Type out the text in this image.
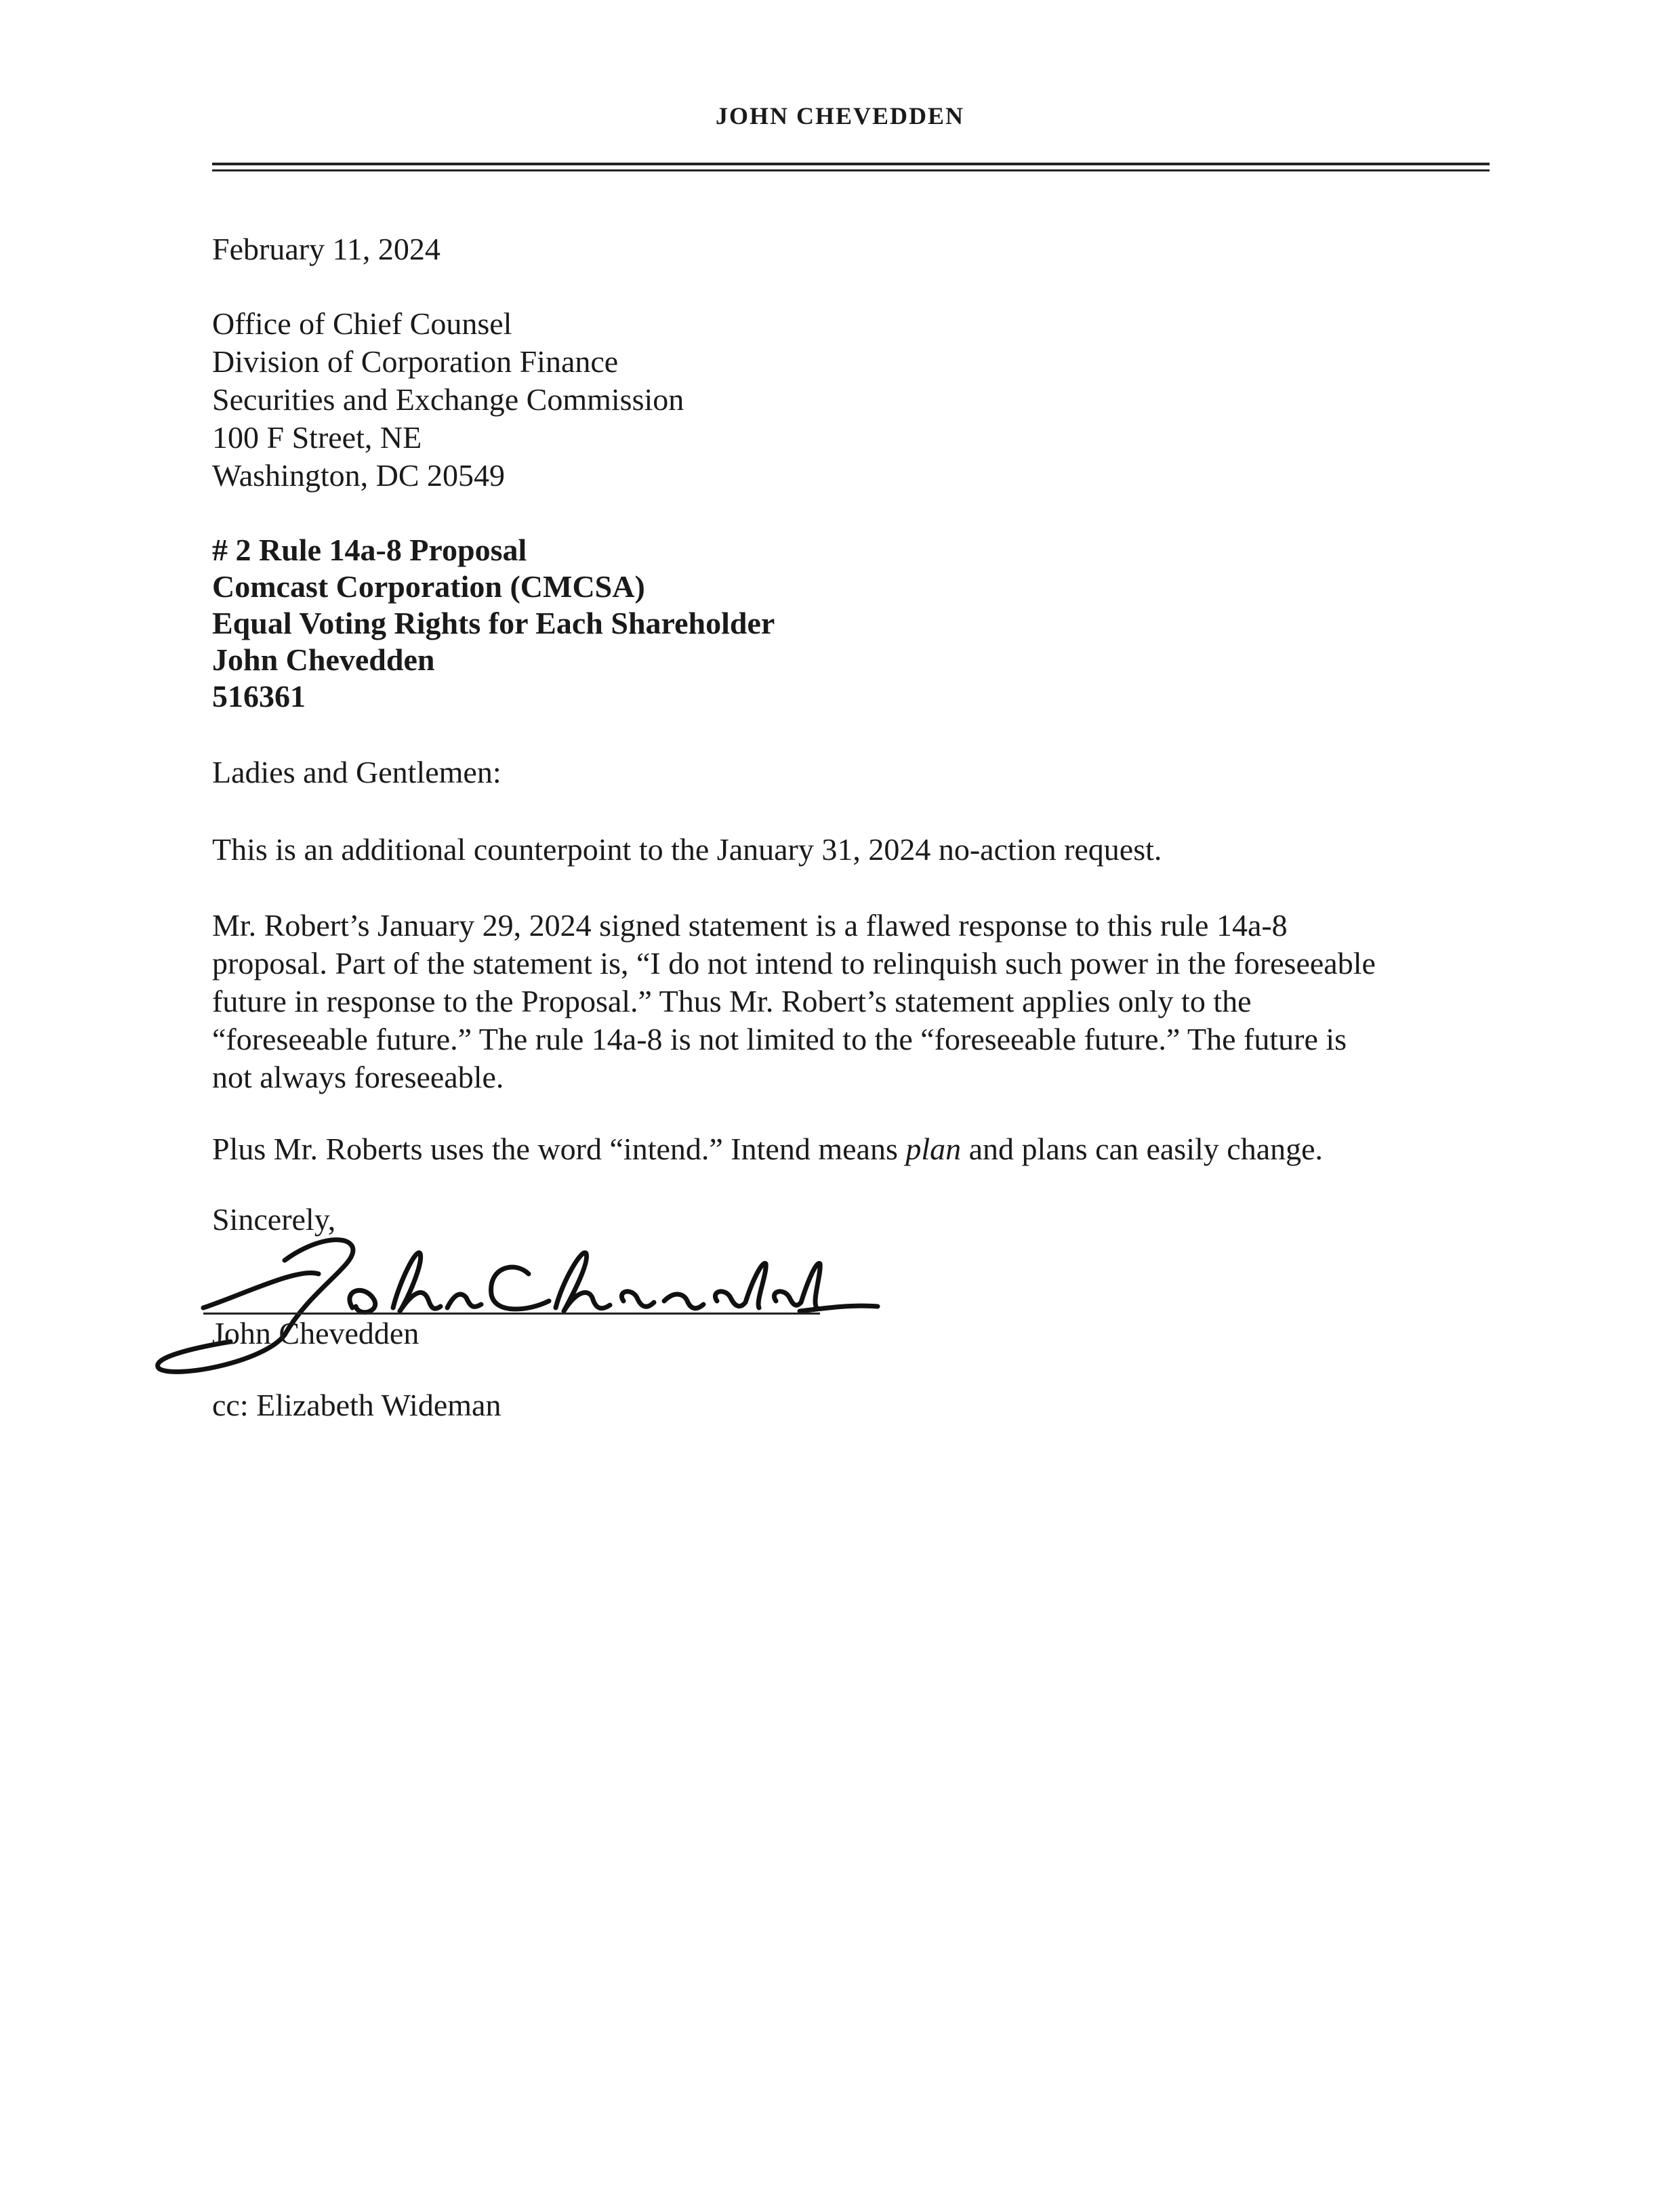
JOHN CHEVEDDEN
February 11, 2024
Office of Chief Counsel
Division of Corporation Finance
Securities and Exchange Commission
100 F Street, NE
Washington, DC 20549
# 2 Rule 14a-8 Proposal
Comcast Corporation (CMCSA)
Equal Voting Rights for Each Shareholder
John Chevedden
516361
Ladies and Gentlemen:
This is an additional counterpoint to the January 31, 2024 no-action request.
Mr. Robert’s January 29, 2024 signed statement is a flawed response to this rule 14a-8
proposal. Part of the statement is, “I do not intend to relinquish such power in the foreseeable
future in response to the Proposal.” Thus Mr. Robert’s statement applies only to the
“foreseeable future.” The rule 14a-8 is not limited to the “foreseeable future.” The future is
not always foreseeable.
Plus Mr. Roberts uses the word “intend.” Intend means plan and plans can easily change.
Sincerely,
John Chevedden
cc: Elizabeth Wideman
